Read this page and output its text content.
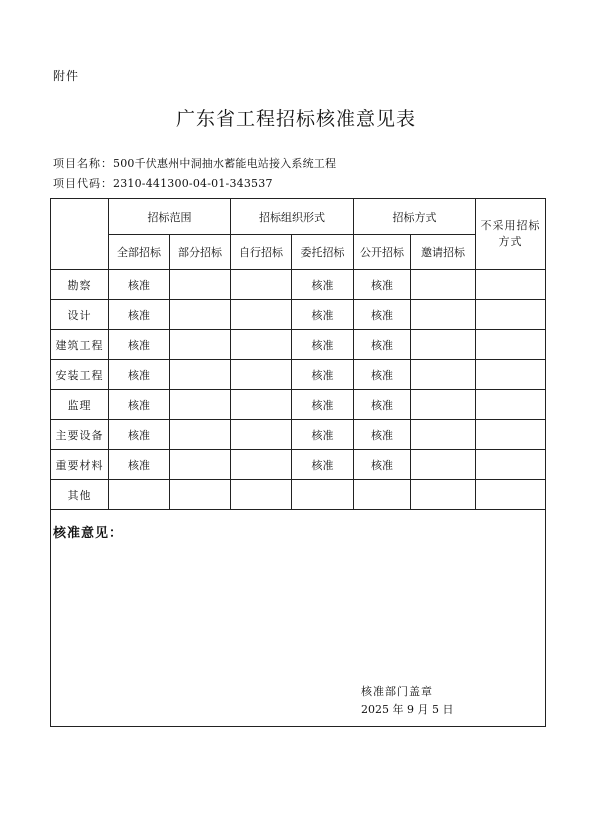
附件
广东省工程招标核准意见表
项目名称：500千伏惠州中洞抽水蓄能电站接入系统工程
项目代码：2310-441300-04-01-343537
	招标范围		招标组织形式		招标方式		不采用招标方式
	全部招标	部分招标	自行招标	委托招标	公开招标	邀请招标	
勘察	核准			核准	核准		
设计	核准			核准	核准		
建筑工程	核准			核准	核准		
安装工程	核准			核准	核准		
监理	核准			核准	核准		
主要设备	核准			核准	核准		
重要材料	核准			核准	核准		
其他							

核准意见：
核准部门盖章
2025 年 9 月 5 日							
